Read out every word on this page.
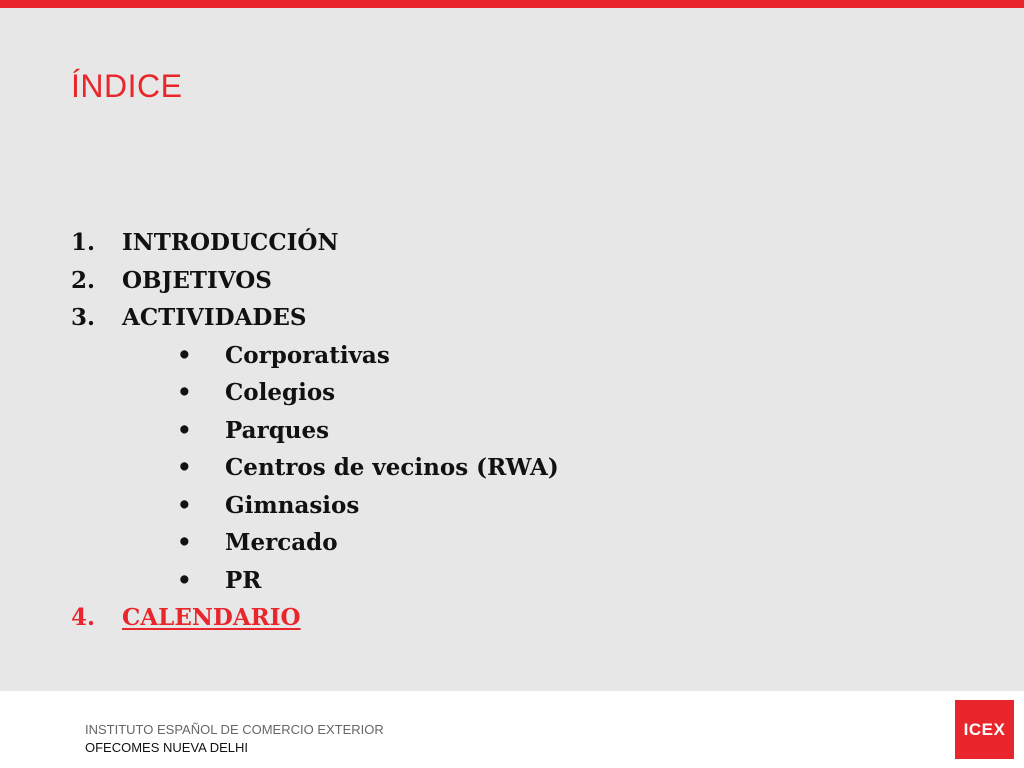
ÍNDICE
1. INTRODUCCIÓN
2. OBJETIVOS
3. ACTIVIDADES
• Corporativas
• Colegios
• Parques
• Centros de vecinos (RWA)
• Gimnasios
• Mercado
• PR
4. CALENDARIO
INSTITUTO ESPAÑOL DE COMERCIO EXTERIOR
OFECOMES NUEVA DELHI
ICEX
